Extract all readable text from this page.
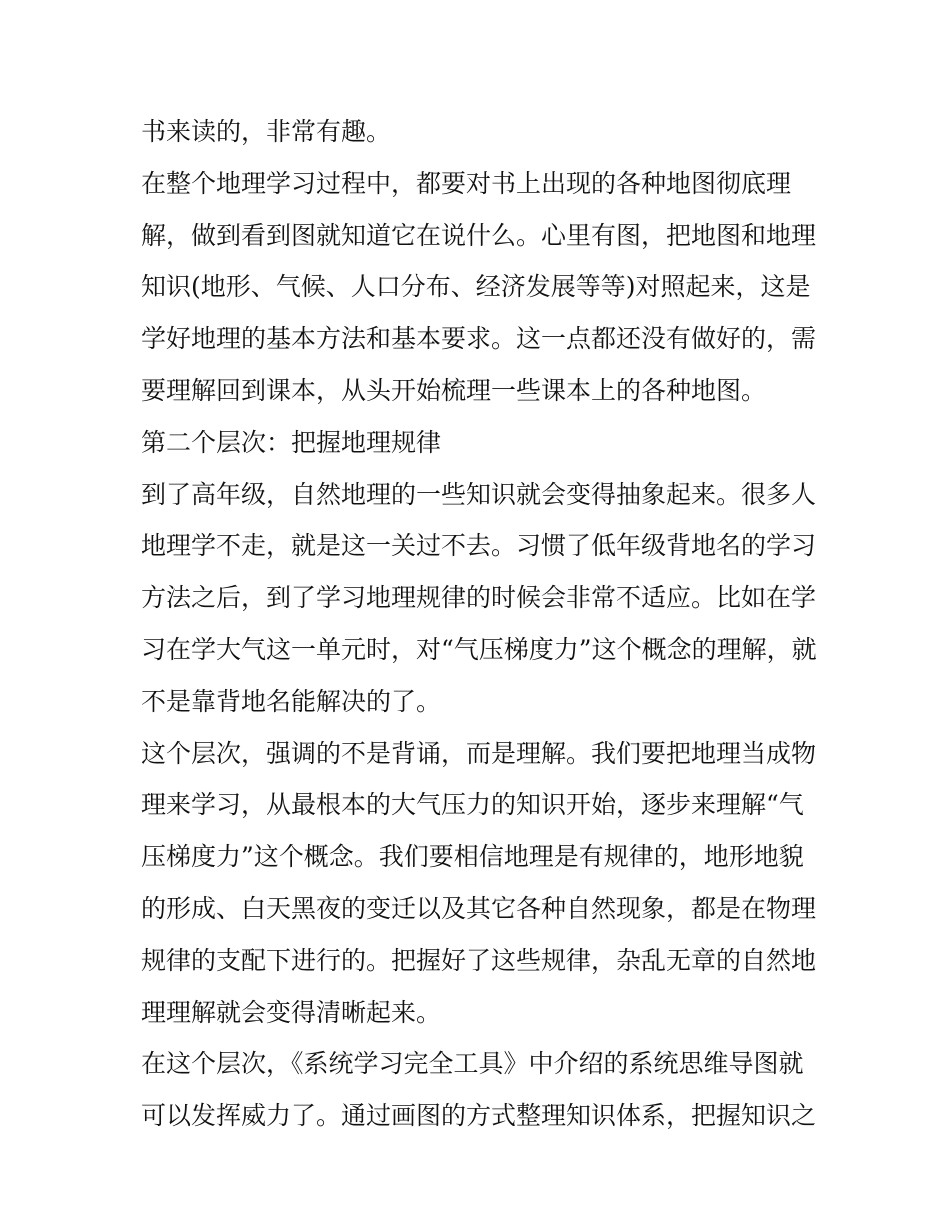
书来读的，非常有趣。
在整个地理学习过程中，都要对书上出现的各种地图彻底理
解，做到看到图就知道它在说什么。心里有图，把地图和地理
知识(地形、气候、人口分布、经济发展等等)对照起来，这是
学好地理的基本方法和基本要求。这一点都还没有做好的，需
要理解回到课本，从头开始梳理一些课本上的各种地图。
第二个层次：把握地理规律
到了高年级，自然地理的一些知识就会变得抽象起来。很多人
地理学不走，就是这一关过不去。习惯了低年级背地名的学习
方法之后，到了学习地理规律的时候会非常不适应。比如在学
习在学大气这一单元时，对“气压梯度力”这个概念的理解，就
不是靠背地名能解决的了。
这个层次，强调的不是背诵，而是理解。我们要把地理当成物
理来学习，从最根本的大气压力的知识开始，逐步来理解“气
压梯度力”这个概念。我们要相信地理是有规律的，地形地貌
的形成、白天黑夜的变迁以及其它各种自然现象，都是在物理
规律的支配下进行的。把握好了这些规律，杂乱无章的自然地
理理解就会变得清晰起来。
在这个层次，《系统学习完全工具》中介绍的系统思维导图就
可以发挥威力了。通过画图的方式整理知识体系，把握知识之
